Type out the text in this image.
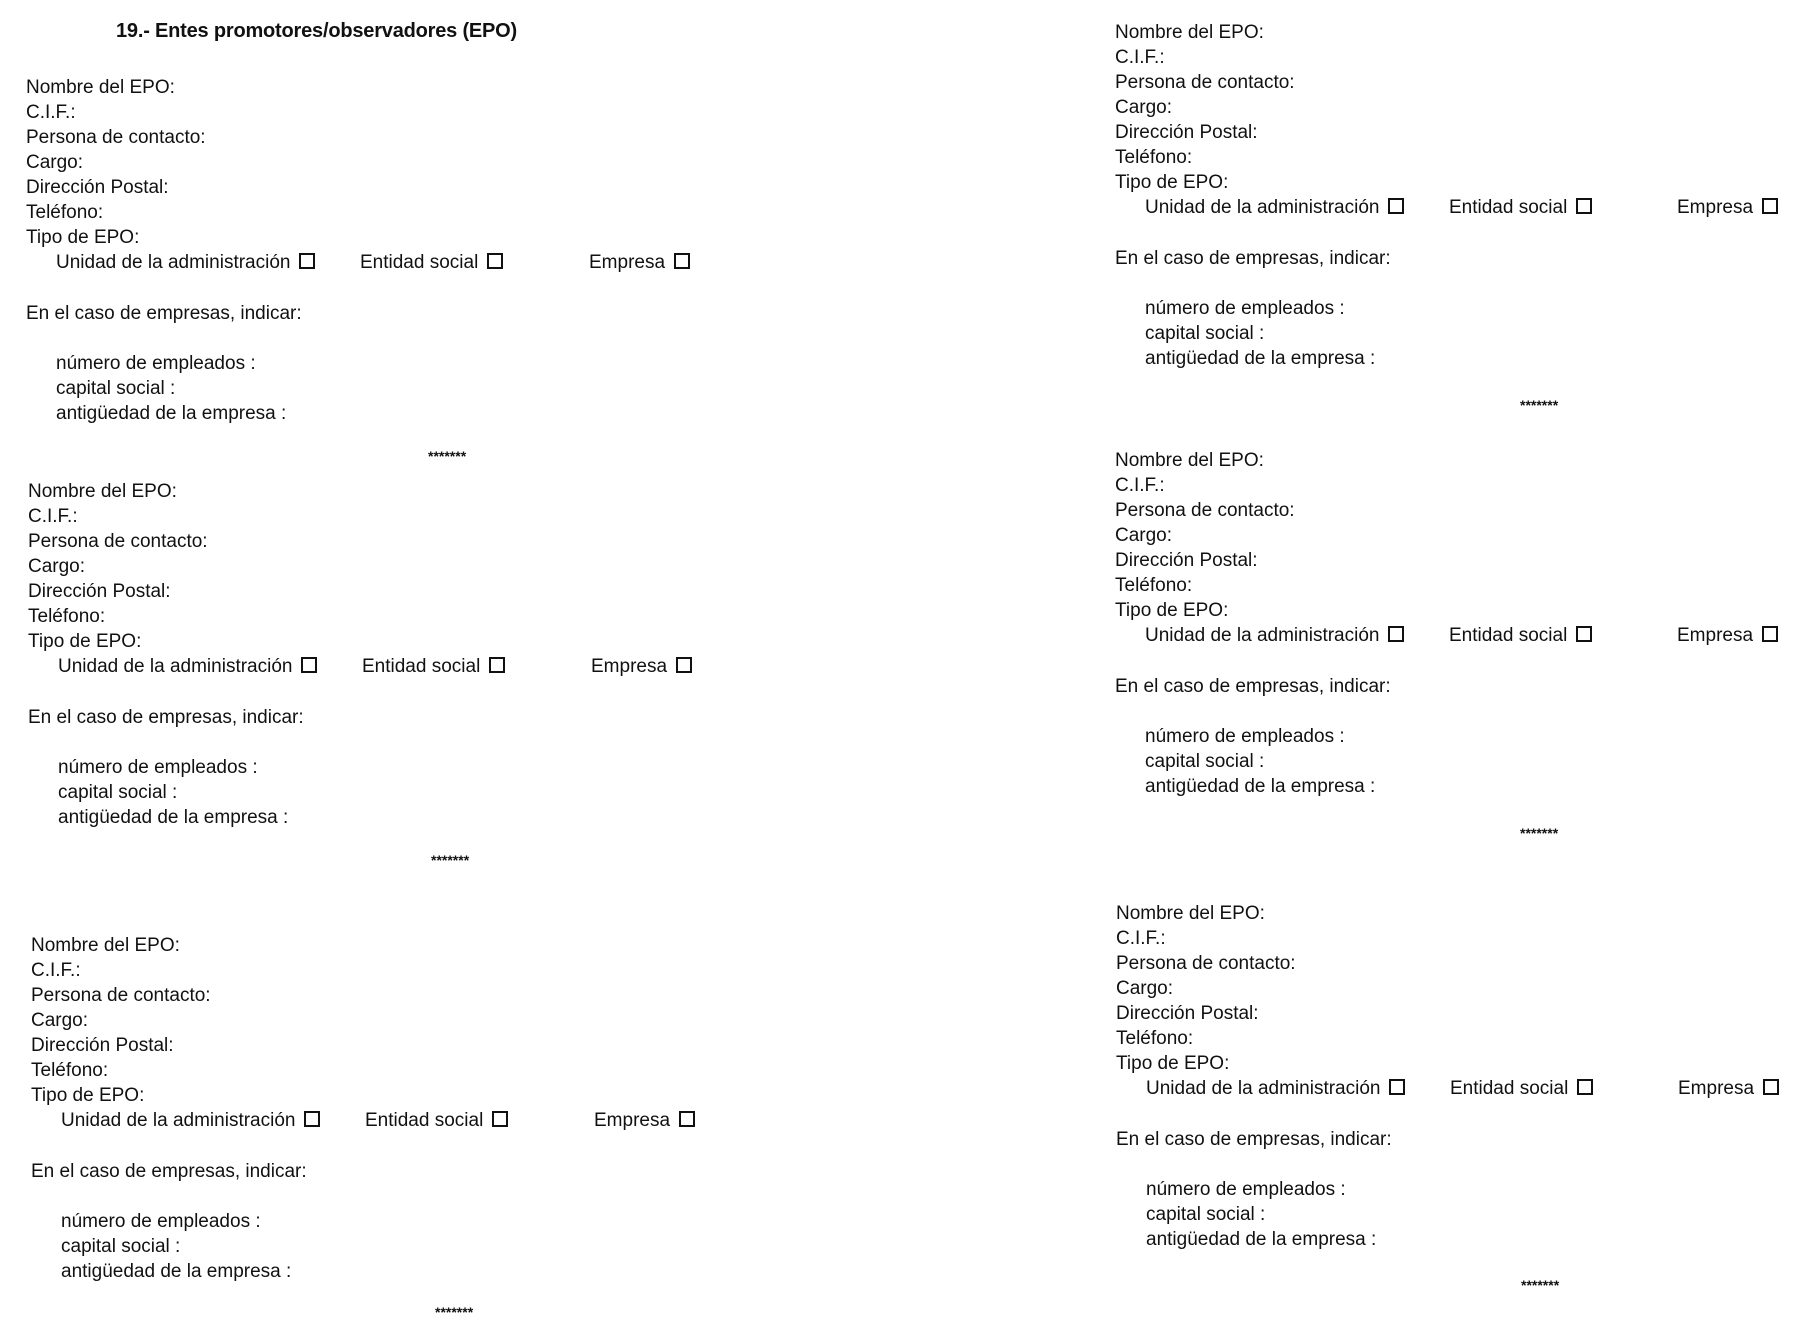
19.- Entes promotores/observadores (EPO)
Nombre del EPO:
C.I.F.:
Persona de contacto:
Cargo:
Dirección Postal:
Teléfono:
Tipo de EPO:
Unidad de la administración	Entidad social	Empresa
En el caso de empresas, indicar:
número de empleados :
capital social :
antigüedad de la empresa :
*******
Nombre del EPO:
C.I.F.:
Persona de contacto:
Cargo:
Dirección Postal:
Teléfono:
Tipo de EPO:
Unidad de la administración	Entidad social	Empresa
En el caso de empresas, indicar:
número de empleados :
capital social :
antigüedad de la empresa :
*******
Nombre del EPO:
C.I.F.:
Persona de contacto:
Cargo:
Dirección Postal:
Teléfono:
Tipo de EPO:
Unidad de la administración	Entidad social	Empresa
En el caso de empresas, indicar:
número de empleados :
capital social :
antigüedad de la empresa :
*******
Nombre del EPO:
C.I.F.:
Persona de contacto:
Cargo:
Dirección Postal:
Teléfono:
Tipo de EPO:
Unidad de la administración	Entidad social	Empresa
En el caso de empresas, indicar:
número de empleados :
capital social :
antigüedad de la empresa :
*******
Nombre del EPO:
C.I.F.:
Persona de contacto:
Cargo:
Dirección Postal:
Teléfono:
Tipo de EPO:
Unidad de la administración	Entidad social	Empresa
En el caso de empresas, indicar:
número de empleados :
capital social :
antigüedad de la empresa :
*******
Nombre del EPO:
C.I.F.:
Persona de contacto:
Cargo:
Dirección Postal:
Teléfono:
Tipo de EPO:
Unidad de la administración	Entidad social	Empresa
En el caso de empresas, indicar:
número de empleados :
capital social :
antigüedad de la empresa :
*******
